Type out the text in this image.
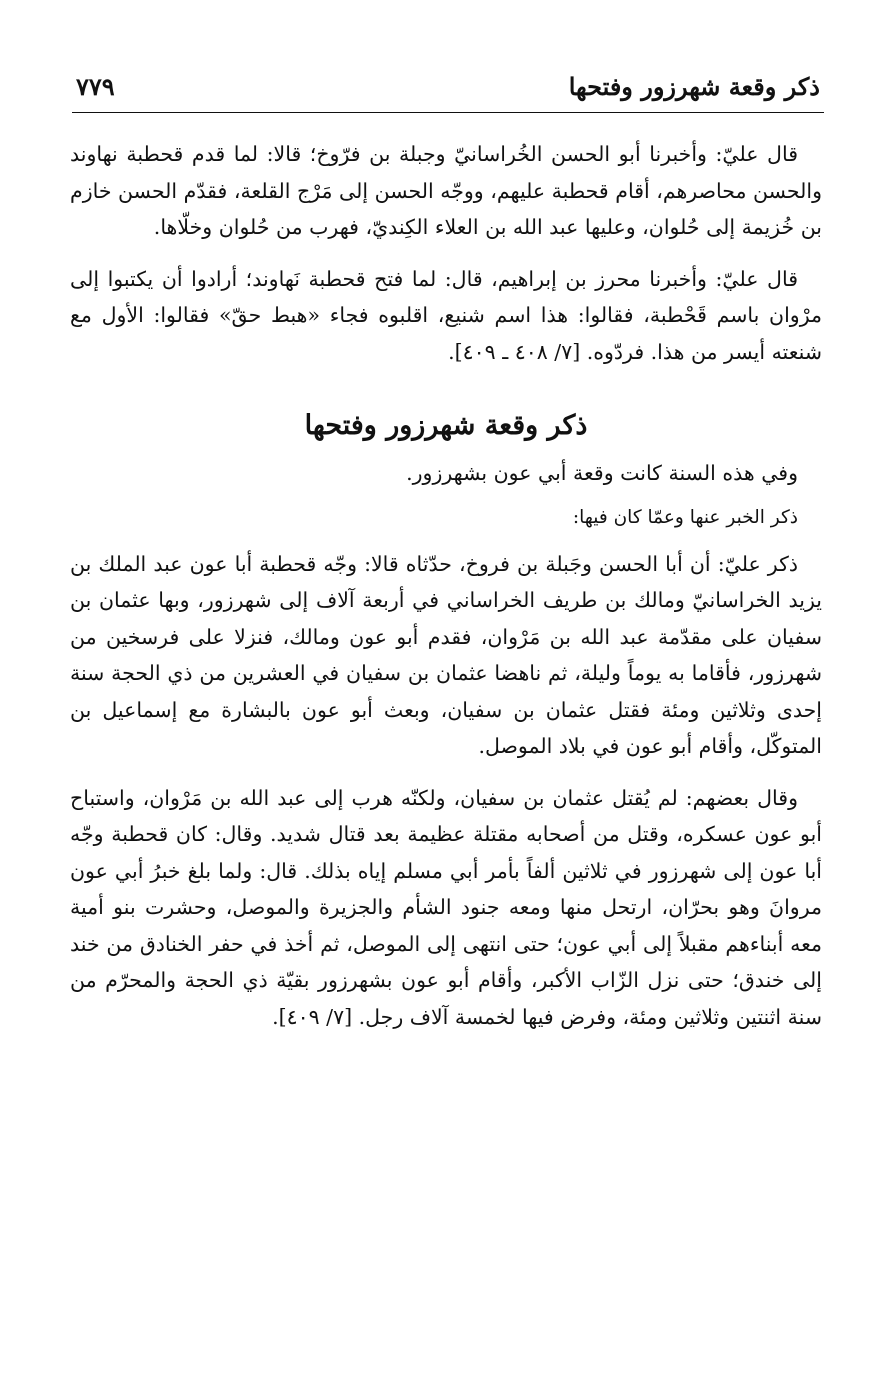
ذكر وقعة شهرزور وفتحها
٧٧٩

قال عليّ: وأخبرنا أبو الحسن الخُراسانيّ وجبلة بن فرّوخ؛ قالا: لما قدم قحطبة نهاوند والحسن محاصرهم، أقام قحطبة عليهم، ووجّه الحسن إلى مَرْج القلعة، فقدّم الحسن خازم بن خُزيمة إلى حُلوان، وعليها عبد الله بن العلاء الكِنديّ، فهرب من حُلوان وخلّاها.

قال عليّ: وأخبرنا محرز بن إبراهيم، قال: لما فتح قحطبة نَهاوند؛ أرادوا أن يكتبوا إلى مرْوان باسم قَحْطبة، فقالوا: هذا اسم شنيع، اقلبوه فجاء «هبط حقّ» فقالوا: الأول مع شنعته أيسر من هذا. فردّوه. [٧/ ٤٠٨ ـ ٤٠٩].

ذكر وقعة شهرزور وفتحها

وفي هذه السنة كانت وقعة أبي عون بشهرزور.

ذكر الخبر عنها وعمّا كان فيها:

ذكر عليّ: أن أبا الحسن وجَبلة بن فروخ، حدّثاه قالا: وجّه قحطبة أبا عون عبد الملك بن يزيد الخراسانيّ ومالك بن طريف الخراساني في أربعة آلاف إلى شهرزور، وبها عثمان بن سفيان على مقدّمة عبد الله بن مَرْوان، فقدم أبو عون ومالك، فنزلا على فرسخين من شهرزور، فأقاما به يوماً وليلة، ثم ناهضا عثمان بن سفيان في العشرين من ذي الحجة سنة إحدى وثلاثين ومئة فقتل عثمان بن سفيان، وبعث أبو عون بالبشارة مع إسماعيل بن المتوكّل، وأقام أبو عون في بلاد الموصل.

وقال بعضهم: لم يُقتل عثمان بن سفيان، ولكنّه هرب إلى عبد الله بن مَرْوان، واستباح أبو عون عسكره، وقتل من أصحابه مقتلة عظيمة بعد قتال شديد. وقال: كان قحطبة وجّه أبا عون إلى شهرزور في ثلاثين ألفاً بأمر أبي مسلم إياه بذلك. قال: ولما بلغ خبرُ أبي عون مروانَ وهو بحرّان، ارتحل منها ومعه جنود الشأم والجزيرة والموصل، وحشرت بنو أمية معه أبناءهم مقبلاً إلى أبي عون؛ حتى انتهى إلى الموصل، ثم أخذ في حفر الخنادق من خند إلى خندق؛ حتى نزل الزّاب الأكبر، وأقام أبو عون بشهرزور بقيّة ذي الحجة والمحرّم من سنة اثنتين وثلاثين ومئة، وفرض فيها لخمسة آلاف رجل. [٧/ ٤٠٩].
